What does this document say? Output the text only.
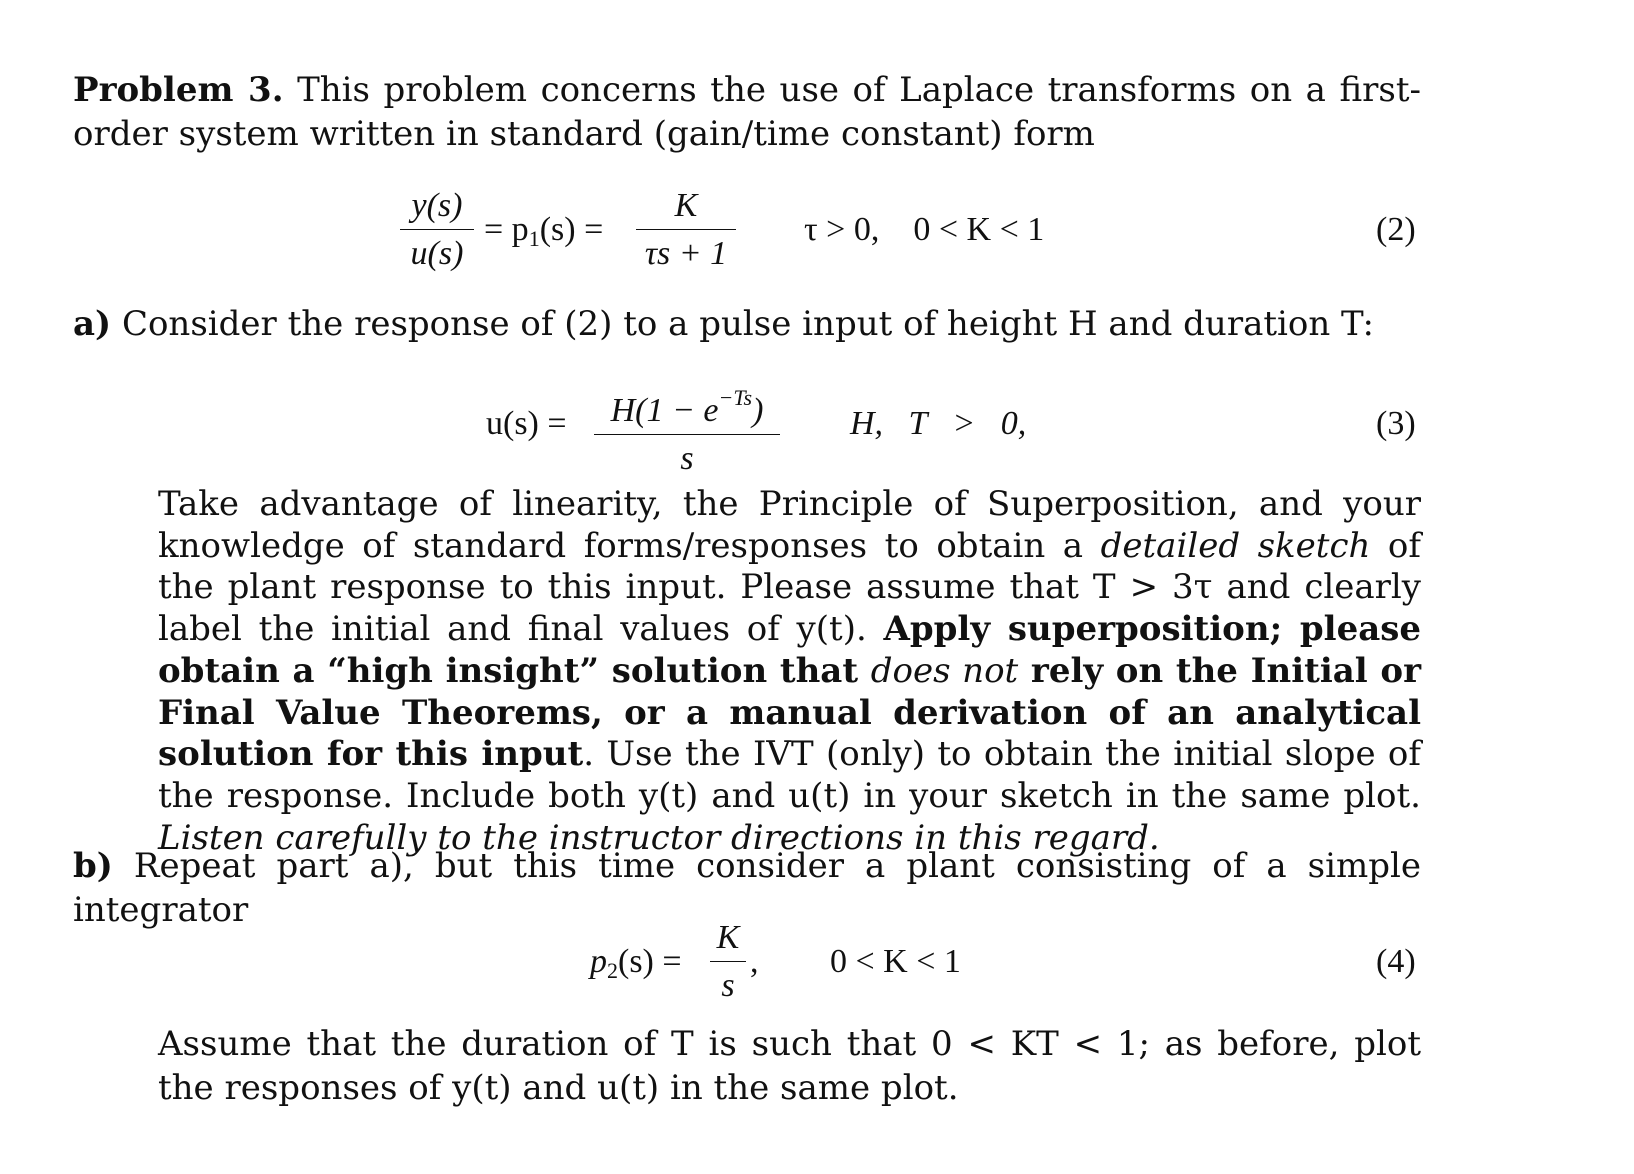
Problem 3. This problem concerns the use of Laplace transforms on a first-order system written in standard (gain/time constant) form

y(s)
u(s)
= $p_1(s)$ =
K
τs + 1
τ > 0,    0 < K < 1	(2)

a) Consider the response of (2) to a pulse input of height H and duration T:

u(s) =	$H(1 - e^{-Ts})$
s
H,   T   >   0,	(3)

Take advantage of linearity, the Principle of Superposition, and your knowledge of standard forms/responses to obtain a detailed sketch of the plant response to this input. Please assume that T > 3τ and clearly label the initial and final values of y(t). Apply superposition; please obtain a “high insight” solution that does not rely on the Initial or Final Value Theorems, or a manual derivation of an analytical solution for this input. Use the IVT (only) to obtain the initial slope of the response. Include both y(t) and u(t) in your sketch in the same plot. Listen carefully to the instructor directions in this regard.

b) Repeat part a), but this time consider a plant consisting of a simple integrator

$p_2(s)$ =
K
s
, 0 < K < 1	(4)

Assume that the duration of T is such that 0 < KT < 1; as before, plot the responses of y(t) and u(t) in the same plot.
